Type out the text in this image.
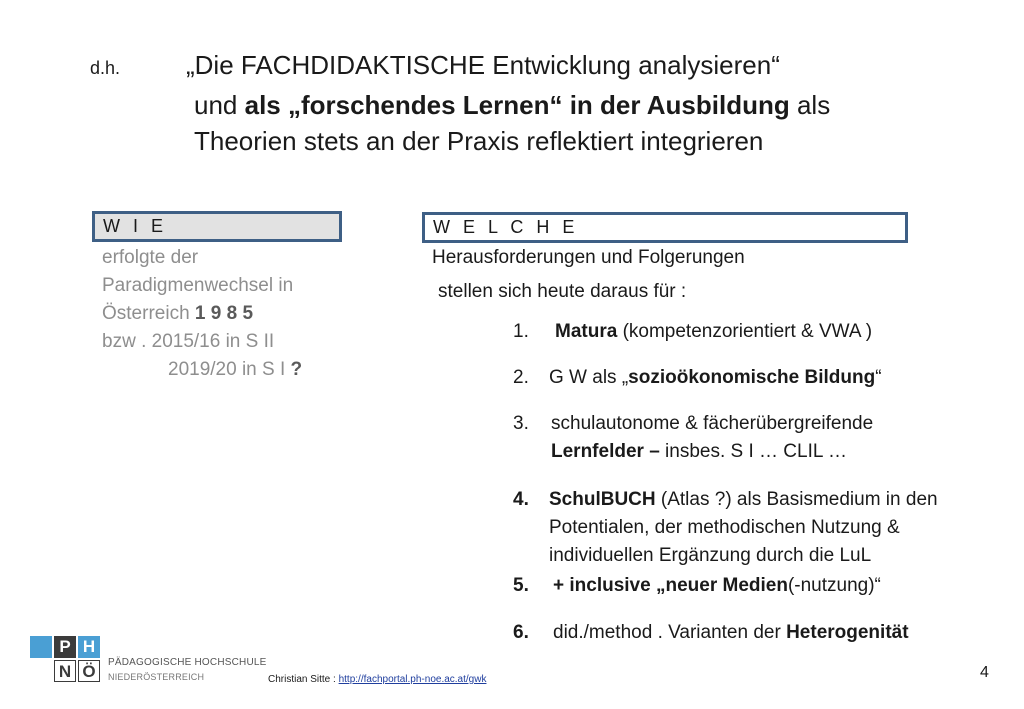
d.h.	„Die FACHDIDAKTISCHE Entwicklung analysieren“
und als „forschendes Lernen“ in der Ausbildung als
Theorien stets an der Praxis reflektiert integrieren
W I E
erfolgte der
Paradigmenwechsel in
Österreich 1 9 8 5
bzw . 2015/16 in S II
2019/20 in S I ?
W E L C H E
Herausforderungen und Folgerungen
stellen sich heute daraus für :
1. Matura (kompetenzorientiert & VWA )
2. G W als „sozioökonomische Bildung“
3. schulautonome & fächerübergreifende
Lernfelder – insbes. S I … CLIL …
4. SchulBUCH (Atlas ?) als Basismedium in den
Potentialen, der methodischen Nutzung &
individuellen Ergänzung durch die LuL
5. + inclusive „neuer Medien(-nutzung)“
6. did./method . Varianten der Heterogenität
P H
N Ö	PÄDAGOGISCHE HOCHSCHULE
NIEDERÖSTERREICH	Christian Sitte : http://fachportal.ph-noe.ac.at/gwk	4
